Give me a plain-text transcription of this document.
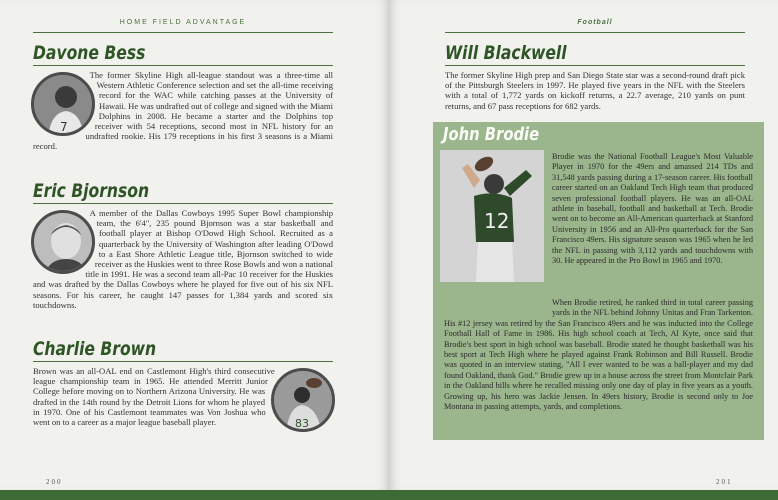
HOME FIELD ADVANTAGE	Football
Davone Bess
7
The former Skyline High all-league standout was a three-time all Western Athletic Conference selection and set the all-time receiving record for the WAC while catching passes at the University of Hawaii. He was undrafted out of college and signed with the Miami Dolphins in 2008. He became a starter and the Dolphins top receiver with 54 receptions, second most in NFL history for an undrafted rookie. His 179 receptions in his first 3 seasons is a Miami record.
Eric Bjornson
A member of the Dallas Cowboys 1995 Super Bowl championship team, the 6'4", 235 pound Bjornson was a star basketball and football player at Bishop O'Dowd High School. Recruited as a quarterback by the University of Washington after leading O'Dowd to a East Shore Athletic League title, Bjornson switched to wide receiver as the Huskies went to three Rose Bowls and won a national title in 1991. He was a second team all-Pac 10 receiver for the Huskies and was drafted by the Dallas Cowboys where he played for five out of his six NFL seasons. For his career, he caught 147 passes for 1,384 yards and scored six touchdowns.
Charlie Brown
83
Brown was an all-OAL end on Castlemont High's third consecutive league championship team in 1965. He attended Merritt Junior College before moving on to Northern Arizona University. He was drafted in the 14th round by the Detroit Lions for whom he played in 1970. One of his Castlemont teammates was Von Joshua who went on to a career as a major league baseball player.
Will Blackwell
The former Skyline High prep and San Diego State star was a second-round draft pick of the Pittsburgh Steelers in 1997. He played five years in the NFL with the Steelers with a total of 1,772 yards on kickoff returns, a 22.7 average, 210 yards on punt returns, and 67 pass receptions for 682 yards.
John Brodie
12
Brodie was the National Football League's Most Valuable Player in 1970 for the 49ers and amassed 214 TDs and 31,548 yards passing during a 17-season career. His football career started on an Oakland Tech High team that produced seven professional football players. He was an all-OAL athlete in baseball, football and basketball at Tech. Brodie went on to become an All-American quarterback at Stanford University in 1956 and an All-Pro quarterback for the San Francisco 49ers. His signature season was 1965 when he led the NFL in passing with 3,112 yards and touchdowns with 30. He appeared in the Pro Bowl in 1965 and 1970.
When Brodie retired, he ranked third in total career passing yards in the NFL behind Johnny Unitas and Fran Tarkenton. His #12 jersey was retired by the San Francisco 49ers and he was inducted into the College Football Hall of Fame in 1986. His high school coach at Tech, Al Kyte, once said that Brodie's best sport in high school was baseball. Brodie stated he thought basketball was his best sport at Tech High where he played against Frank Robinson and Bill Russell. Brodie was quoted in an interview stating, "All I ever wanted to be was a ball-player and my dad found Oakland, thank God." Brodie grew up in a house across the street from Montclair Park in the Oakland hills where he recalled missing only one day of play in five years as a youth. Growing up, his hero was Jackie Jensen. In 49ers history, Brodie is second only to Joe Montana in passing attempts, yards, and completions.
200	201
